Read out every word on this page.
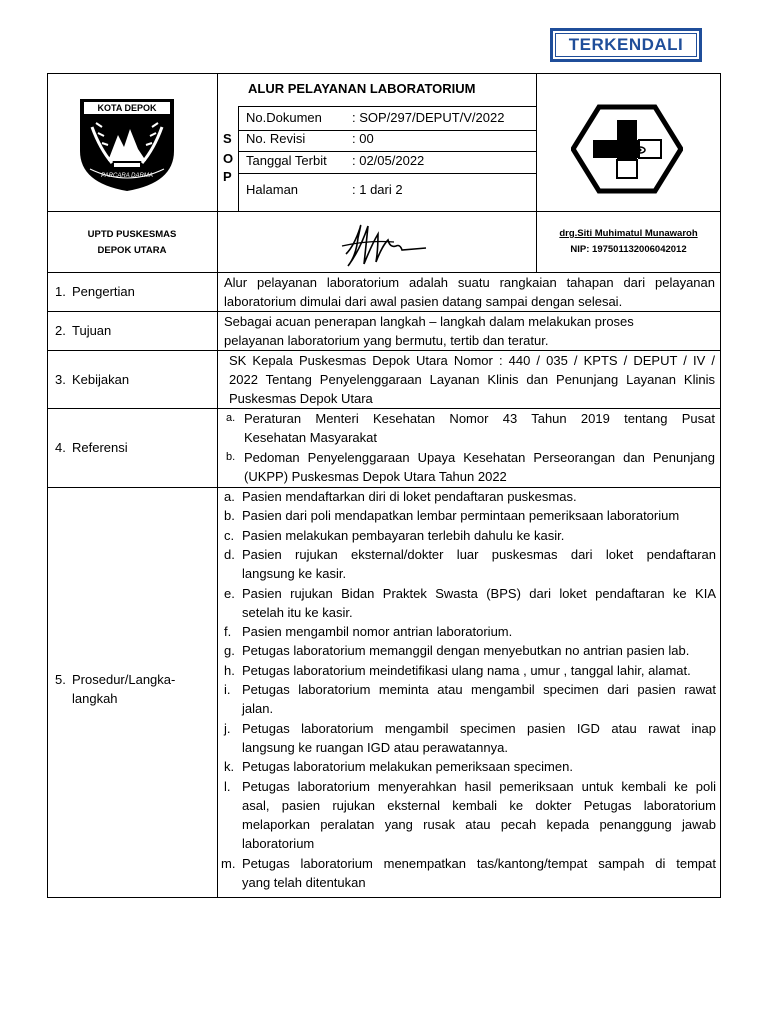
TERKENDALI
ALUR PELAYANAN LABORATORIUM
S
O
P
No.Dokumen : SOP/297/DEPUT/V/2022
No. Revisi	: 00
Tanggal Terbit : 02/05/2022
Halaman	: 1 dari 2
KOTA DEPOK
PARCARA DARMA
UPTD PUSKESMAS
DEPOK UTARA
drg.Siti Muhimatul Munawaroh
NIP: 197501132006042012
1. Pengertian
Alur pelayanan laboratorium adalah suatu rangkaian tahapan dari pelayanan
laboratorium dimulai dari awal pasien datang sampai dengan selesai.
2. Tujuan
Sebagai acuan penerapan langkah – langkah dalam melakukan proses
pelayanan laboratorium yang bermutu, tertib dan teratur.
3. Kebijakan
SK Kepala Puskesmas Depok Utara Nomor : 440 / 035 / KPTS / DEPUT / IV /
2022 Tentang Penyelenggaraan Layanan Klinis dan Penunjang Layanan Klinis
Puskesmas Depok Utara
4. Referensi
a. Peraturan Menteri Kesehatan Nomor 43 Tahun 2019 tentang Pusat
Kesehatan Masyarakat
b. Pedoman Penyelenggaraan Upaya Kesehatan Perseorangan dan Penunjang
(UKPP) Puskesmas Depok Utara Tahun 2022
5. Prosedur/Langka-
langkah
a. Pasien mendaftarkan diri di loket pendaftaran puskesmas.
b. Pasien dari poli mendapatkan lembar permintaan pemeriksaan laboratorium
c. Pasien melakukan pembayaran terlebih dahulu ke kasir.
d. Pasien rujukan eksternal/dokter luar puskesmas dari loket pendaftaran
langsung ke kasir.
e. Pasien rujukan Bidan Praktek Swasta (BPS) dari loket pendaftaran ke KIA
setelah itu ke kasir.
f. Pasien mengambil nomor antrian laboratorium.
g. Petugas laboratorium memanggil dengan menyebutkan no antrian pasien lab.
h. Petugas laboratorium meindetifikasi ulang nama , umur , tanggal lahir, alamat.
i. Petugas laboratorium meminta atau mengambil specimen dari pasien rawat
jalan.
j. Petugas laboratorium mengambil specimen pasien IGD atau rawat inap
langsung ke ruangan IGD atau perawatannya.
k. Petugas laboratorium melakukan pemeriksaan specimen.
l. Petugas laboratorium menyerahkan hasil pemeriksaan untuk kembali ke poli
asal, pasien rujukan eksternal kembali ke dokter Petugas laboratorium
melaporkan peralatan yang rusak atau pecah kepada penanggung jawab
laboratorium
m. Petugas laboratorium menempatkan tas/kantong/tempat sampah di tempat
yang telah ditentukan
